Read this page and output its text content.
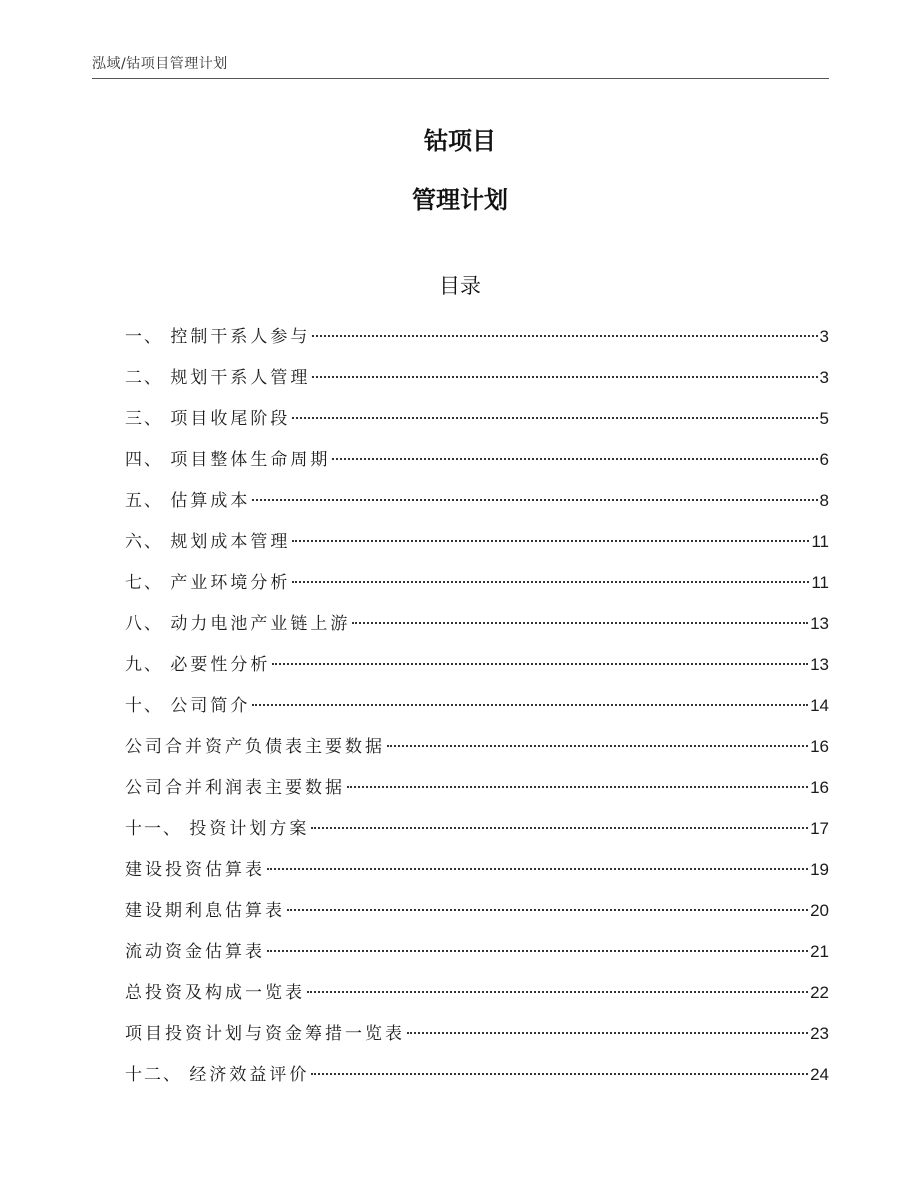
泓域/钴项目管理计划
钴项目
管理计划
目录
一、 控制干系人参与	3
二、 规划干系人管理	3
三、 项目收尾阶段	5
四、 项目整体生命周期	6
五、 估算成本	8
六、 规划成本管理	11
七、 产业环境分析	11
八、 动力电池产业链上游	13
九、 必要性分析	13
十、 公司简介	14
公司合并资产负债表主要数据	16
公司合并利润表主要数据	16
十一、 投资计划方案	17
建设投资估算表	19
建设期利息估算表	20
流动资金估算表	21
总投资及构成一览表	22
项目投资计划与资金筹措一览表	23
十二、 经济效益评价	24
